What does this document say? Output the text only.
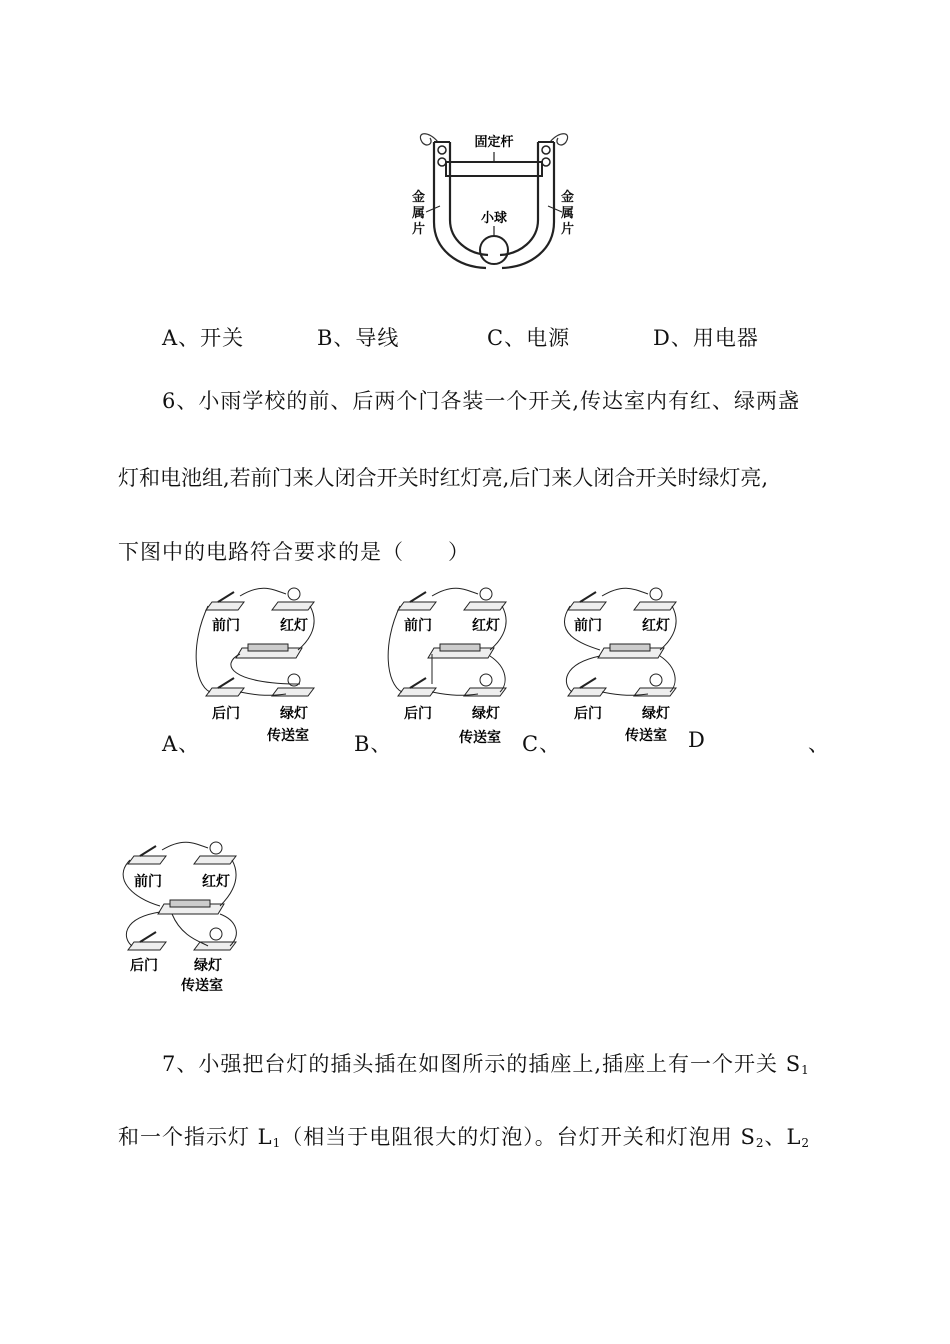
固定杆
小球
金属片
金属片
A、开关	B、导线	C、电源	D、用电器
6、小雨学校的前、后两个门各装一个开关,传达室内有红、绿两盏
灯和电池组,若前门来人闭合开关时红灯亮,后门来人闭合开关时绿灯亮,
下图中的电路符合要求的是（　　）
前门	红灯
后门	绿灯
传送室
前门	红灯
后门	绿灯
传送室
前门	红灯
后门	绿灯
传送室
A、	B、	C、	D	、
前门	红灯
后门	绿灯
传送室
7、小强把台灯的插头插在如图所示的插座上,插座上有一个开关 $S_1$
和一个指示灯 $L_1$（相当于电阻很大的灯泡）。台灯开关和灯泡用 $S_2$、$L_2$
